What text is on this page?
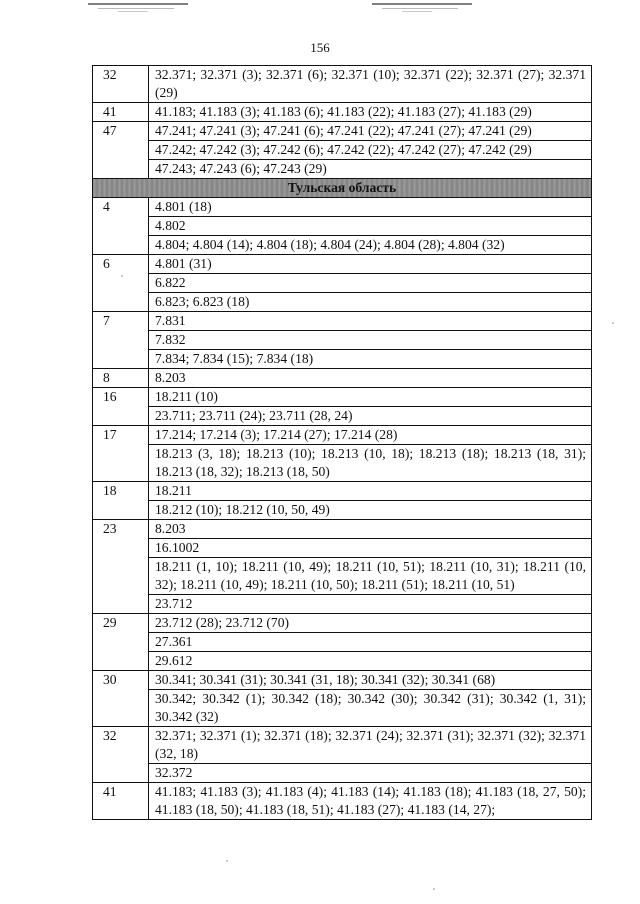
156
32	32.371; 32.371 (3); 32.371 (6); 32.371 (10); 32.371 (22); 32.371 (27); 32.371 (29)
41	41.183; 41.183 (3); 41.183 (6); 41.183 (22); 41.183 (27); 41.183 (29)
47	47.241; 47.241 (3); 47.241 (6); 47.241 (22); 47.241 (27); 47.241 (29)
	47.242; 47.242 (3); 47.242 (6); 47.242 (22); 47.242 (27); 47.242 (29)
	47.243; 47.243 (6); 47.243 (29)
Тульская область	
4	4.801 (18)
	4.802
	4.804; 4.804 (14); 4.804 (18); 4.804 (24); 4.804 (28); 4.804 (32)
6	4.801 (31)
	6.822
	6.823; 6.823 (18)
7	7.831
	7.832
	7.834; 7.834 (15); 7.834 (18)
8	8.203
16	18.211 (10)
	23.711; 23.711 (24); 23.711 (28, 24)
17	17.214; 17.214 (3); 17.214 (27); 17.214 (28)
	18.213 (3, 18); 18.213 (10); 18.213 (10, 18); 18.213 (18); 18.213 (18, 31); 18.213 (18, 32); 18.213 (18, 50)
18	18.211
	18.212 (10); 18.212 (10, 50, 49)
23	8.203
	16.1002
	18.211 (1, 10); 18.211 (10, 49); 18.211 (10, 51); 18.211 (10, 31); 18.211 (10, 32); 18.211 (10, 49); 18.211 (10, 50); 18.211 (51); 18.211 (10, 51)
	23.712
29	23.712 (28); 23.712 (70)
	27.361
	29.612
30	30.341; 30.341 (31); 30.341 (31, 18); 30.341 (32); 30.341 (68)
	30.342; 30.342 (1); 30.342 (18); 30.342 (30); 30.342 (31); 30.342 (1, 31); 30.342 (32)
32	32.371; 32.371 (1); 32.371 (18); 32.371 (24); 32.371 (31); 32.371 (32); 32.371 (32, 18)
	32.372
41	41.183; 41.183 (3); 41.183 (4); 41.183 (14); 41.183 (18); 41.183 (18, 27, 50); 41.183 (18, 50); 41.183 (18, 51); 41.183 (27); 41.183 (14, 27);
